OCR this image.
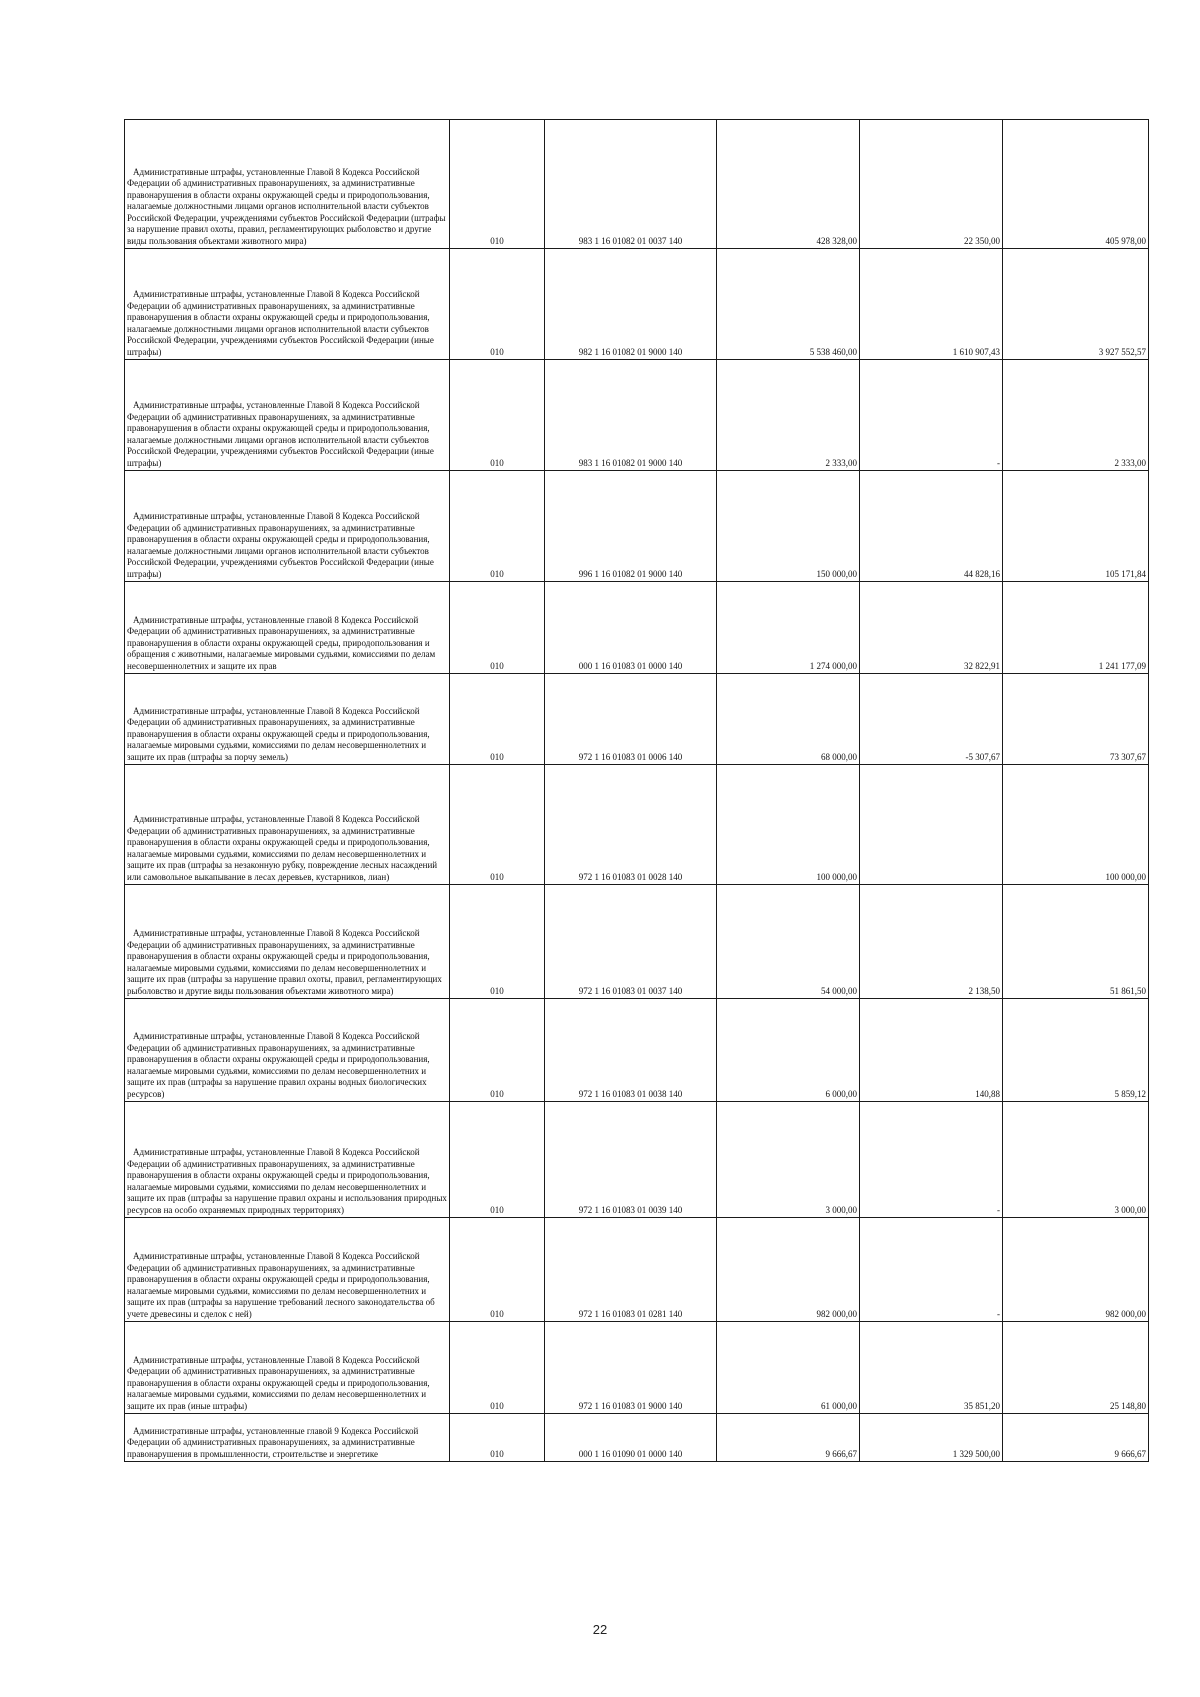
Административные штрафы, установленные Главой 8 Кодекса Российской Федерации об административных правонарушениях, за административные правонарушения в области охраны окружающей среды и природопользования, налагаемые должностными лицами органов исполнительной власти субъектов Российской Федерации, учреждениями субъектов Российской Федерации (штрафы за нарушение правил охоты, правил, регламентирующих рыболовство и другие виды пользования объектами животного мира)	010	983 1 16 01082 01 0037 140	428 328,00	22 350,00	405 978,00
Административные штрафы, установленные Главой 8 Кодекса Российской Федерации об административных правонарушениях, за административные правонарушения в области охраны окружающей среды и природопользования, налагаемые должностными лицами органов исполнительной власти субъектов Российской Федерации, учреждениями субъектов Российской Федерации (иные штрафы)	010	982 1 16 01082 01 9000 140	5 538 460,00	1 610 907,43	3 927 552,57
Административные штрафы, установленные Главой 8 Кодекса Российской Федерации об административных правонарушениях, за административные правонарушения в области охраны окружающей среды и природопользования, налагаемые должностными лицами органов исполнительной власти субъектов Российской Федерации, учреждениями субъектов Российской Федерации (иные штрафы)	010	983 1 16 01082 01 9000 140	2 333,00	-	2 333,00
Административные штрафы, установленные Главой 8 Кодекса Российской Федерации об административных правонарушениях, за административные правонарушения в области охраны окружающей среды и природопользования, налагаемые должностными лицами органов исполнительной власти субъектов Российской Федерации, учреждениями субъектов Российской Федерации (иные штрафы)	010	996 1 16 01082 01 9000 140	150 000,00	44 828,16	105 171,84
Административные штрафы, установленные главой 8 Кодекса Российской Федерации об административных правонарушениях, за административные правонарушения в области охраны окружающей среды, природопользования и обращения с животными, налагаемые мировыми судьями, комиссиями по делам несовершеннолетних и защите их прав	010	000 1 16 01083 01 0000 140	1 274 000,00	32 822,91	1 241 177,09
Административные штрафы, установленные Главой 8 Кодекса Российской Федерации об административных правонарушениях, за административные правонарушения в области охраны окружающей среды и природопользования, налагаемые мировыми судьями, комиссиями по делам несовершеннолетних и защите их прав (штрафы за порчу земель)	010	972 1 16 01083 01 0006 140	68 000,00	-5 307,67	73 307,67
Административные штрафы, установленные Главой 8 Кодекса Российской Федерации об административных правонарушениях, за административные правонарушения в области охраны окружающей среды и природопользования, налагаемые мировыми судьями, комиссиями по делам несовершеннолетних и защите их прав (штрафы за незаконную рубку, повреждение лесных насаждений или самовольное выкапывание в лесах деревьев, кустарников, лиан)	010	972 1 16 01083 01 0028 140	100 000,00		100 000,00
Административные штрафы, установленные Главой 8 Кодекса Российской Федерации об административных правонарушениях, за административные правонарушения в области охраны окружающей среды и природопользования, налагаемые мировыми судьями, комиссиями по делам несовершеннолетних и защите их прав (штрафы за нарушение правил охоты, правил, регламентирующих рыболовство и другие виды пользования объектами животного мира)	010	972 1 16 01083 01 0037 140	54 000,00	2 138,50	51 861,50
Административные штрафы, установленные Главой 8 Кодекса Российской Федерации об административных правонарушениях, за административные правонарушения в области охраны окружающей среды и природопользования, налагаемые мировыми судьями, комиссиями по делам несовершеннолетних и защите их прав (штрафы за нарушение правил охраны водных биологических ресурсов)	010	972 1 16 01083 01 0038 140	6 000,00	140,88	5 859,12
Административные штрафы, установленные Главой 8 Кодекса Российской Федерации об административных правонарушениях, за административные правонарушения в области охраны окружающей среды и природопользования, налагаемые мировыми судьями, комиссиями по делам несовершеннолетних и защите их прав (штрафы за нарушение правил охраны и использования природных ресурсов на особо охраняемых природных территориях)	010	972 1 16 01083 01 0039 140	3 000,00	-	3 000,00
Административные штрафы, установленные Главой 8 Кодекса Российской Федерации об административных правонарушениях, за административные правонарушения в области охраны окружающей среды и природопользования, налагаемые мировыми судьями, комиссиями по делам несовершеннолетних и защите их прав (штрафы за нарушение требований лесного законодательства об учете древесины и сделок с ней)	010	972 1 16 01083 01 0281 140	982 000,00	-	982 000,00
Административные штрафы, установленные Главой 8 Кодекса Российской Федерации об административных правонарушениях, за административные правонарушения в области охраны окружающей среды и природопользования, налагаемые мировыми судьями, комиссиями по делам несовершеннолетних и защите их прав (иные штрафы)	010	972 1 16 01083 01 9000 140	61 000,00	35 851,20	25 148,80
Административные штрафы, установленные главой 9 Кодекса Российской Федерации об административных правонарушениях, за административные правонарушения в промышленности, строительстве и энергетике	010	000 1 16 01090 01 0000 140	9 666,67	1 329 500,00	9 666,67
22
